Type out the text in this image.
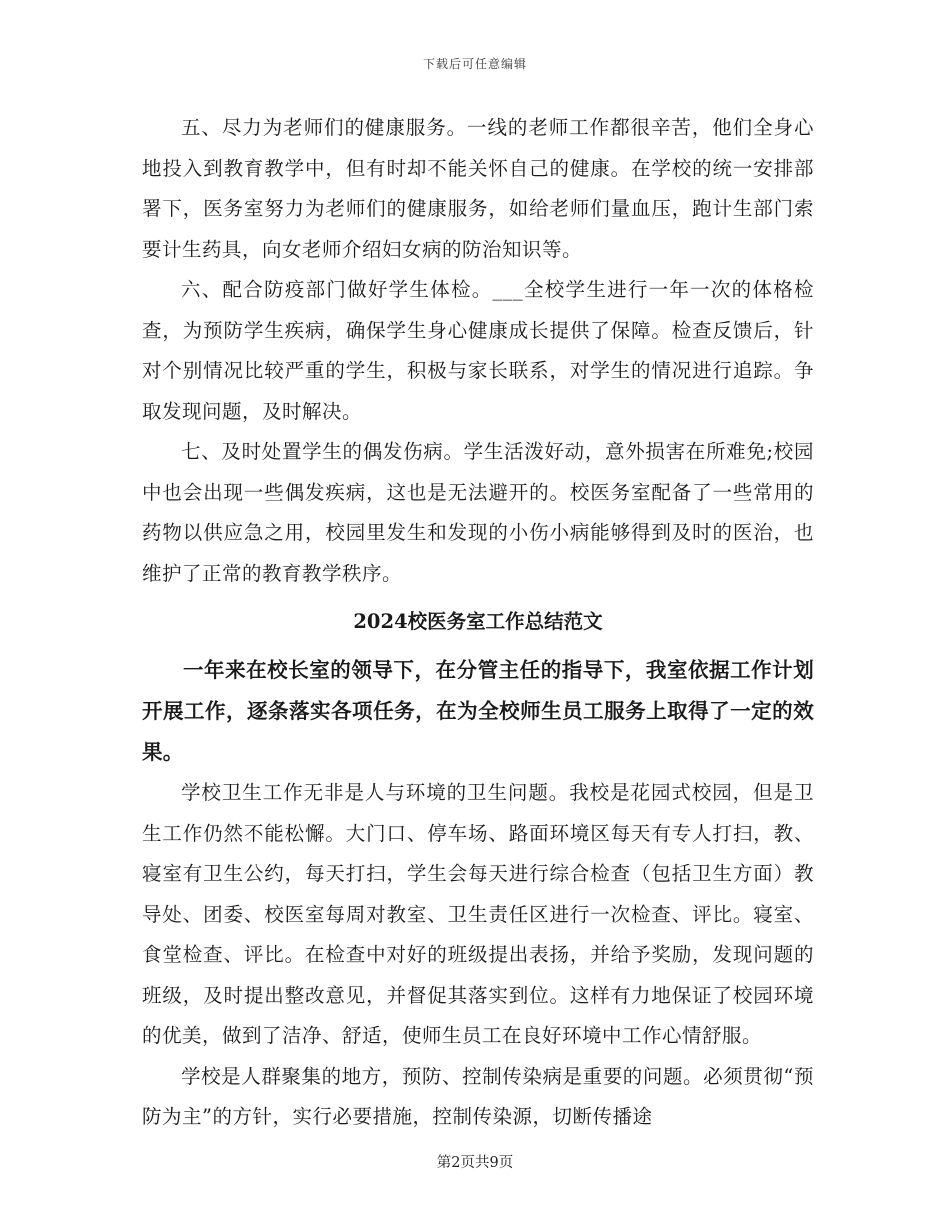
下载后可任意编辑

五、尽力为老师们的健康服务。一线的老师工作都很辛苦，他们全身心地投入到教育教学中，但有时却不能关怀自己的健康。在学校的统一安排部署下，医务室努力为老师们的健康服务，如给老师们量血压，跑计生部门索要计生药具，向女老师介绍妇女病的防治知识等。

六、配合防疫部门做好学生体检。___全校学生进行一年一次的体格检查，为预防学生疾病，确保学生身心健康成长提供了保障。检查反馈后，针对个别情况比较严重的学生，积极与家长联系，对学生的情况进行追踪。争取发现问题，及时解决。

七、及时处置学生的偶发伤病。学生活泼好动，意外损害在所难免;校园中也会出现一些偶发疾病，这也是无法避开的。校医务室配备了一些常用的药物以供应急之用，校园里发生和发现的小伤小病能够得到及时的医治，也维护了正常的教育教学秩序。

2024校医务室工作总结范文

一年来在校长室的领导下，在分管主任的指导下，我室依据工作计划开展工作，逐条落实各项任务，在为全校师生员工服务上取得了一定的效果。

学校卫生工作无非是人与环境的卫生问题。我校是花园式校园，但是卫生工作仍然不能松懈。大门口、停车场、路面环境区每天有专人打扫，教、寝室有卫生公约，每天打扫，学生会每天进行综合检查（包括卫生方面）教导处、团委、校医室每周对教室、卫生责任区进行一次检查、评比。寝室、食堂检查、评比。在检查中对好的班级提出表扬，并给予奖励，发现问题的班级，及时提出整改意见，并督促其落实到位。这样有力地保证了校园环境的优美，做到了洁净、舒适，使师生员工在良好环境中工作心情舒服。

学校是人群聚集的地方，预防、控制传染病是重要的问题。必须贯彻“预防为主”的方针，实行必要措施，控制传染源，切断传播途

第2页共9页
